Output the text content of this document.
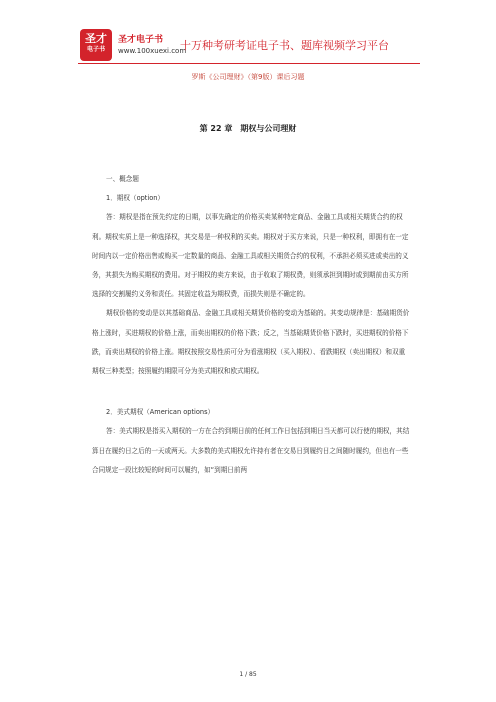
圣才
电子书
圣才电子书
www.100xuexi.com
十万种考研考证电子书、题库视频学习平台
罗斯《公司理财》（第9版）课后习题
第 22 章　期权与公司理财

一、概念题

1．期权（option）

答：期权是指在预先约定的日期，以事先确定的价格买卖某种特定商品、金融工具或相关期货合约的权利。期权实质上是一种选择权，其交易是一种权利的买卖。期权对于买方来说，只是一种权利，即拥有在一定时间内以一定价格出售或购买一定数量的商品、金融工具或相关期货合约的权利，不承担必须买进或卖出的义务，其损失为购买期权的费用。对于期权的卖方来说，由于收取了期权费，则须承担到期时或到期前由买方所选择的交割履约义务和责任。其固定收益为期权费，而损失则是不确定的。

期权价格的变动是以其基础商品、金融工具或相关期货价格的变动为基础的。其变动规律是：基础期货价格上涨时，买进期权的价格上涨，而卖出期权的价格下跌；反之，当基础期货价格下跌时，买进期权的价格下跌，而卖出期权的价格上涨。期权按照交易性质可分为看涨期权（买入期权）、看跌期权（卖出期权）和双重期权三种类型；按照履约期限可分为美式期权和欧式期权。

2．美式期权（American options）

答：美式期权是指买入期权的一方在合约到期日前的任何工作日包括到期日当天都可以行使的期权，其结算日在履约日之后的一天或两天。大多数的美式期权允许持有者在交易日到履约日之间随时履约，但也有一些合同规定一段比较短的时间可以履约，如“到期日前两

1 / 85
